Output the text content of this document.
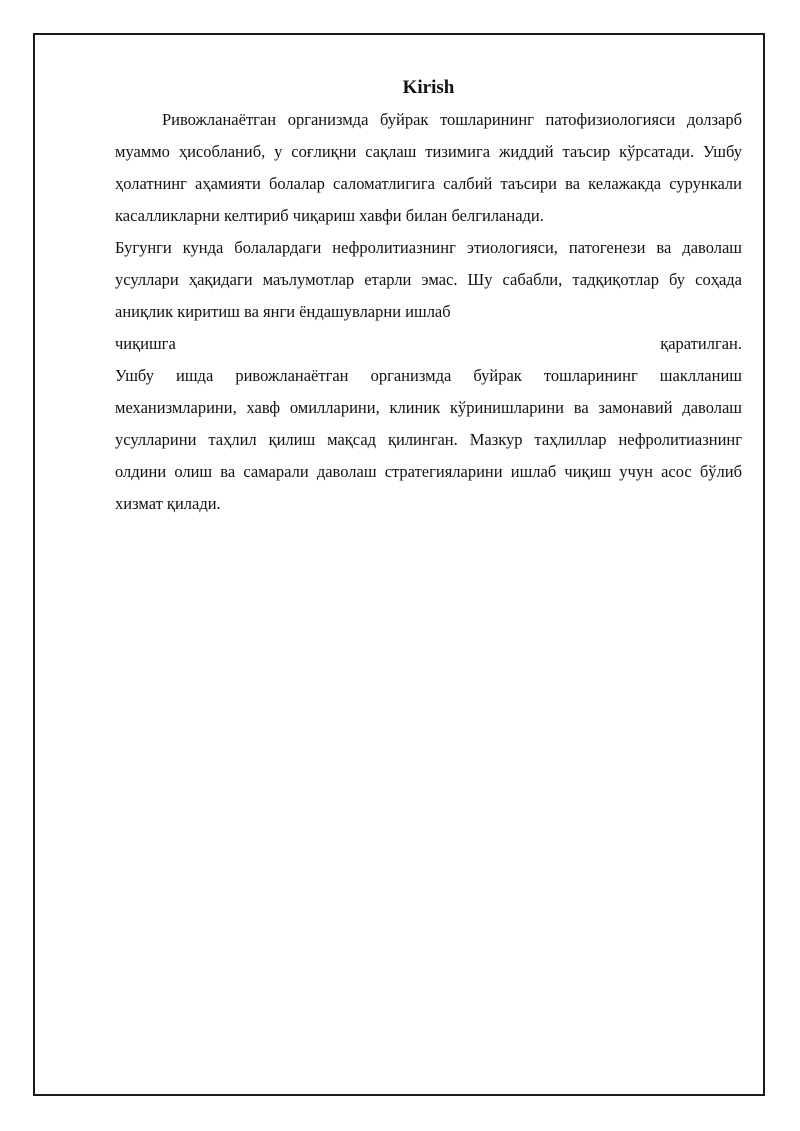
Kirish

Ривожланаётган организмда буйрак тошларининг патофизиологияси долзарб муаммо ҳисобланиб, у соғлиқни сақлаш тизимига жиддий таъсир кўрсатади. Ушбу ҳолатнинг аҳамияти болалар саломатлигига салбий таъсири ва келажакда сурункали касалликларни келтириб чиқариш хавфи билан белгиланади.

Бугунги кунда болалардаги нефролитиазнинг этиологияси, патогенези ва даволаш усуллари ҳақидаги маълумотлар етарли эмас. Шу сабабли, тадқиқотлар бу соҳада аниқлик киритиш ва янги ёндашувларни ишлаб

чиқишга	қаратилган.

Ушбу ишда ривожланаётган организмда буйрак тошларининг шаклланиш механизмларини, хавф омилларини, клиник кўринишларини ва замонавий даволаш усулларини таҳлил қилиш мақсад қилинган. Мазкур таҳлиллар нефролитиазнинг олдини олиш ва самарали даволаш стратегияларини ишлаб чиқиш учун асос бўлиб хизмат қилади.
